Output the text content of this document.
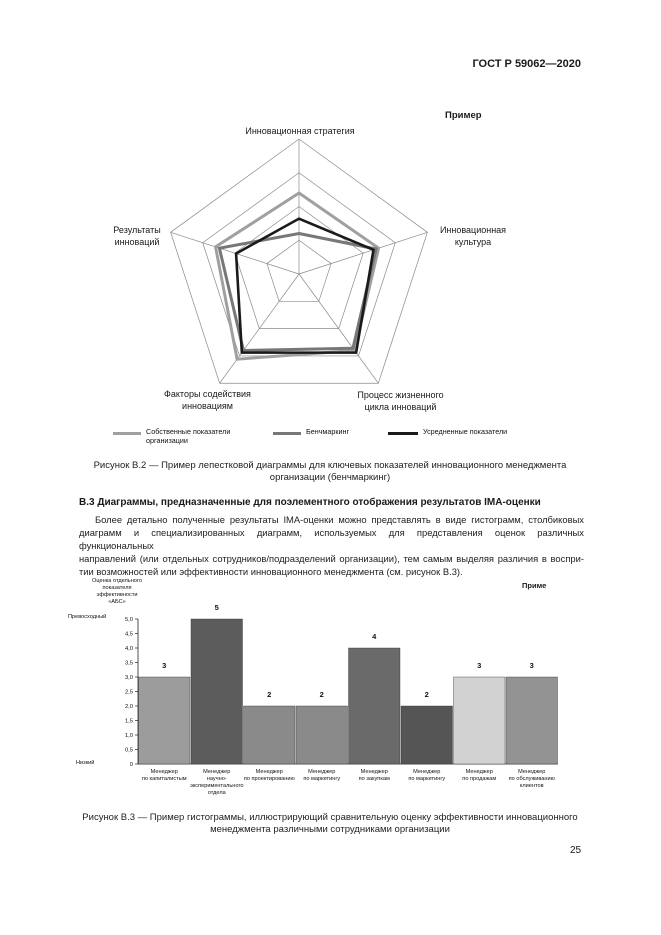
ГОСТ Р 59062—2020
Пример
Инновационная стратегия
Инновационная
культура
Процесс жизненного
цикла инноваций
Факторы содействия
инновациям
Результаты
инноваций
Собственные показатели
организации
Бенчмаркинг	Усредненные показатели
Рисунок В.2 — Пример лепестковой диаграммы для ключевых показателей инновационного менеджмента
организации (бенчмаркинг)
В.3 Диаграммы, предназначенные для поэлементного отображения результатов IMA-оценки
Более детально полученные результаты IMA-оценки можно представлять в виде гистограмм, столбиковых
диаграмм и специализированных диаграмм, используемых для представления оценок различных функциональных
направлений (или отдельных сотрудников/подразделений организации), тем самым выделяя различия в воспри-
тии возможностей или эффективности инновационного менеджмента (см. рисунок В.3).
Оценка отдельного
показателя
эффективности
«АБС»
Приме
Превосходный
Низкий	0
0,5
1,0
1,5
2,0
2,5
3,0
3,5
4,0
4,5
5,0
3
Менеджер по капиталистым
5
Менеджер научно-экспериментального отдела
2
Менеджер по проектированию
2
Менеджер по маркетингу
4
Менеджер по закупкам
2
Менеджер по маркетингу
3
Менеджер по продажам
3
Менеджер по обслуживанию клиентов
Рисунок В.3 — Пример гистограммы, иллюстрирующий сравнительную оценку эффективности инновационного
менеджмента различными сотрудниками организации
25
